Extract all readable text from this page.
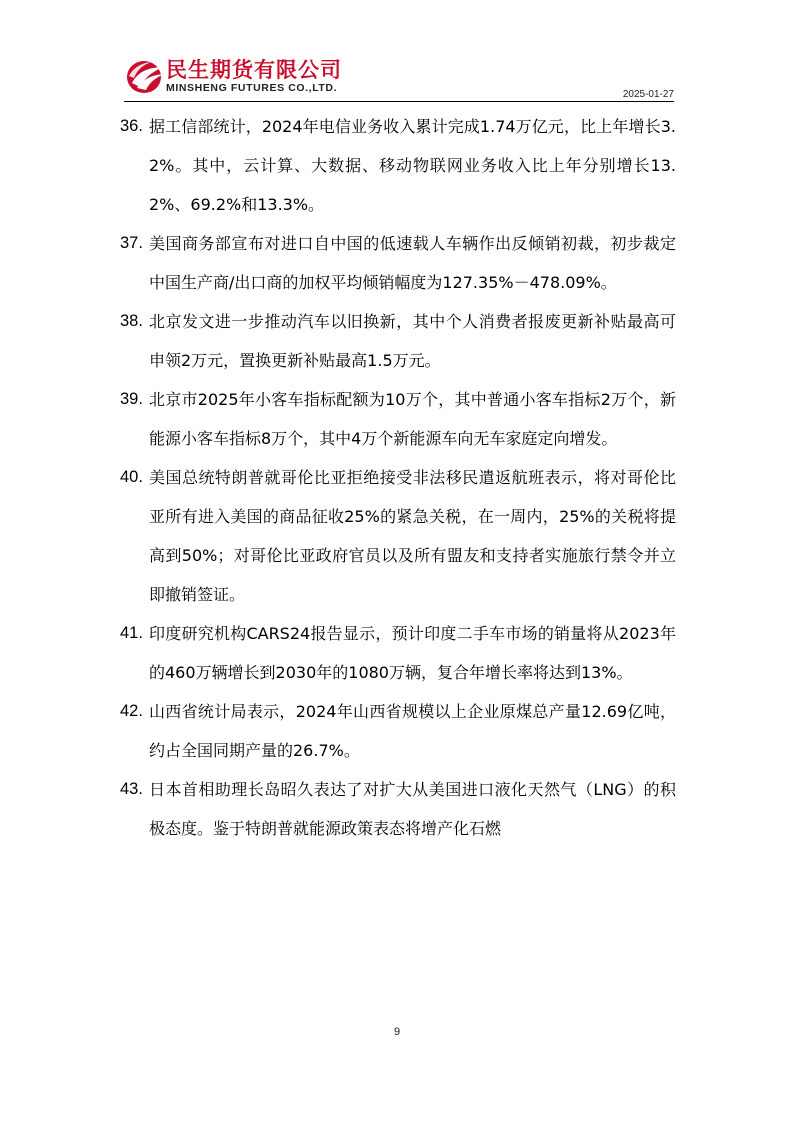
民生期货有限公司
MINSHENG FUTURES CO.,LTD.
2025-01-27
36. 据工信部统计，2024年电信业务收入累计完成1.74万亿元，比上年增长3.2%。其中，云计算、大数据、移动物联网业务收入比上年分别增长13.2%、69.2%和13.3%。
37. 美国商务部宣布对进口自中国的低速载人车辆作出反倾销初裁，初步裁定中国生产商/出口商的加权平均倾销幅度为127.35%－478.09%。
38. 北京发文进一步推动汽车以旧换新，其中个人消费者报废更新补贴最高可申领2万元，置换更新补贴最高1.5万元。
39. 北京市2025年小客车指标配额为10万个，其中普通小客车指标2万个，新能源小客车指标8万个，其中4万个新能源车向无车家庭定向增发。
40. 美国总统特朗普就哥伦比亚拒绝接受非法移民遣返航班表示，将对哥伦比亚所有进入美国的商品征收25%的紧急关税，在一周内，25%的关税将提高到50%；对哥伦比亚政府官员以及所有盟友和支持者实施旅行禁令并立即撤销签证。
41. 印度研究机构CARS24报告显示，预计印度二手车市场的销量将从2023年的460万辆增长到2030年的1080万辆，复合年增长率将达到13%。
42. 山西省统计局表示，2024年山西省规模以上企业原煤总产量12.69亿吨，约占全国同期产量的26.7%。
43. 日本首相助理长岛昭久表达了对扩大从美国进口液化天然气（LNG）的积极态度。鉴于特朗普就能源政策表态将增产化石燃
9
